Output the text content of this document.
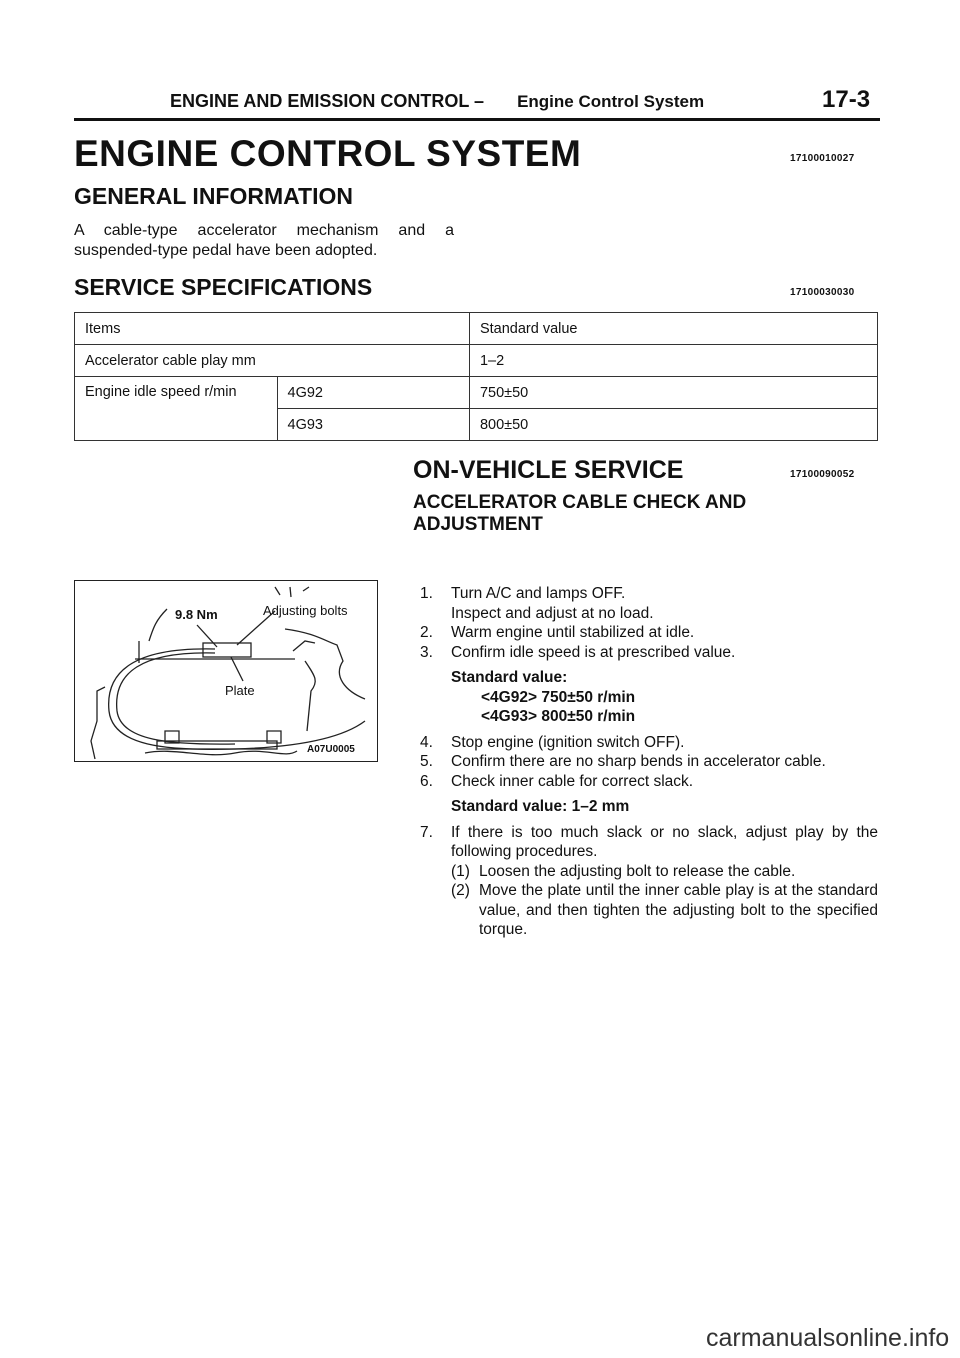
ENGINE AND EMISSION CONTROL – Engine Control System	17-3
ENGINE CONTROL SYSTEM	17100010027
GENERAL INFORMATION
A cable-type accelerator mechanism and a suspended-type pedal have been adopted.
SERVICE SPECIFICATIONS	17100030030
Items		Standard value
Accelerator cable play mm		1–2
Engine idle speed r/min	4G92	750±50
	4G93	800±50
ON-VEHICLE SERVICE	17100090052
ACCELERATOR CABLE CHECK AND ADJUSTMENT
9.8 Nm	Adjusting bolts
Plate
A07U0005
1. Turn A/C and lamps OFF.
Inspect and adjust at no load.
2. Warm engine until stabilized at idle.
3. Confirm idle speed is at prescribed value.
Standard value:
<4G92> 750±50 r/min
<4G93> 800±50 r/min
4. Stop engine (ignition switch OFF).
5. Confirm there are no sharp bends in accelerator cable.
6. Check inner cable for correct slack.
Standard value: 1–2 mm
7. If there is too much slack or no slack, adjust play by the following procedures.
(1) Loosen the adjusting bolt to release the cable.
(2) Move the plate until the inner cable play is at the standard value, and then tighten the adjusting bolt to the specified torque.
carmanualsonline.info
